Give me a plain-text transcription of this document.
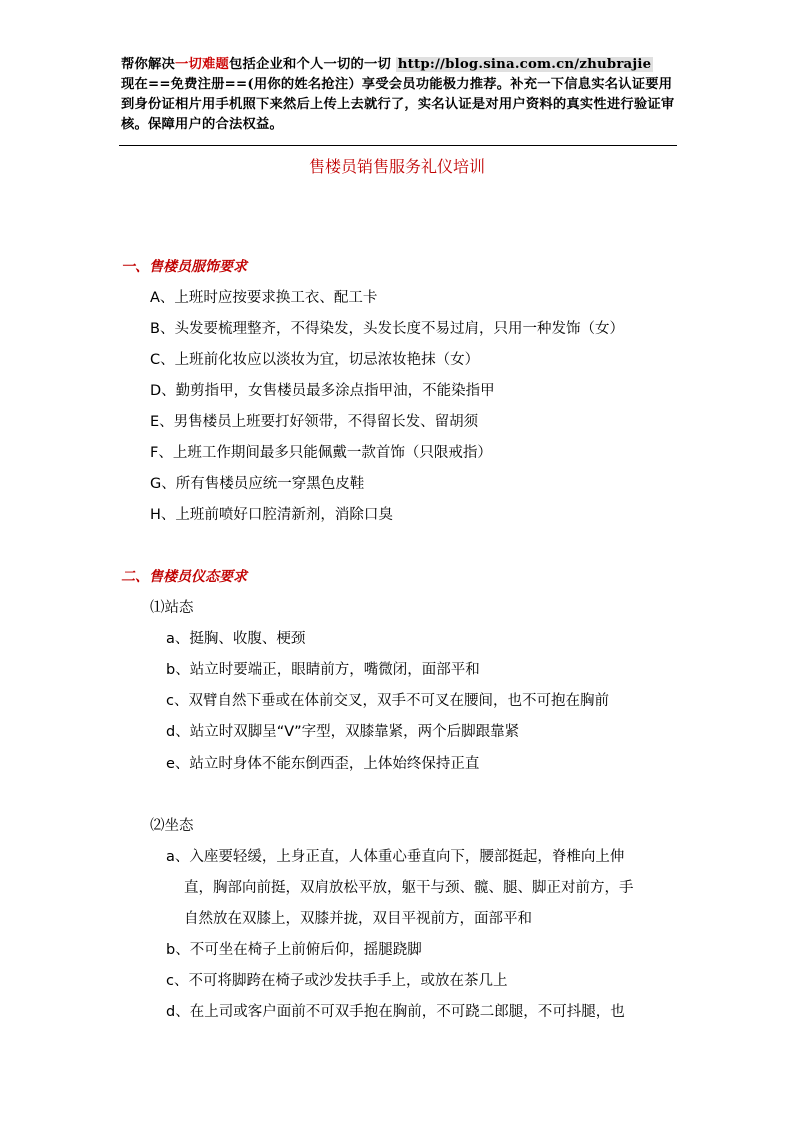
帮你解决一切难题包括企业和个人一切的一切 http://blog.sina.com.cn/zhubrajie　现在==免费注册==(用你的姓名抢注）享受会员功能极力推荐。补充一下信息实名认证要用到身份证相片用手机照下来然后上传上去就行了，实名认证是对用户资料的真实性进行验证审核。保障用户的合法权益。
售楼员销售服务礼仪培训
一、售楼员服饰要求
A、上班时应按要求换工衣、配工卡
B、头发要梳理整齐，不得染发，头发长度不易过肩，只用一种发饰（女）
C、上班前化妆应以淡妆为宜，切忌浓妆艳抹（女）
D、勤剪指甲，女售楼员最多涂点指甲油，不能染指甲
E、男售楼员上班要打好领带，不得留长发、留胡须
F、上班工作期间最多只能佩戴一款首饰（只限戒指）
G、所有售楼员应统一穿黑色皮鞋
H、上班前喷好口腔清新剂，消除口臭
二、售楼员仪态要求
⑴站态
a、挺胸、收腹、梗颈
b、站立时要端正，眼睛前方，嘴微闭，面部平和
c、双臂自然下垂或在体前交叉，双手不可叉在腰间，也不可抱在胸前
d、站立时双脚呈“V”字型，双膝靠紧，两个后脚跟靠紧
e、站立时身体不能东倒西歪，上体始终保持正直
⑵坐态
a、入座要轻缓，上身正直，人体重心垂直向下，腰部挺起，脊椎向上伸
直，胸部向前挺，双肩放松平放，躯干与颈、髋、腿、脚正对前方，手
自然放在双膝上，双膝并拢，双目平视前方，面部平和
b、不可坐在椅子上前俯后仰，摇腿跷脚
c、不可将脚跨在椅子或沙发扶手手上，或放在茶几上
d、在上司或客户面前不可双手抱在胸前，不可跷二郎腿，不可抖腿，也
